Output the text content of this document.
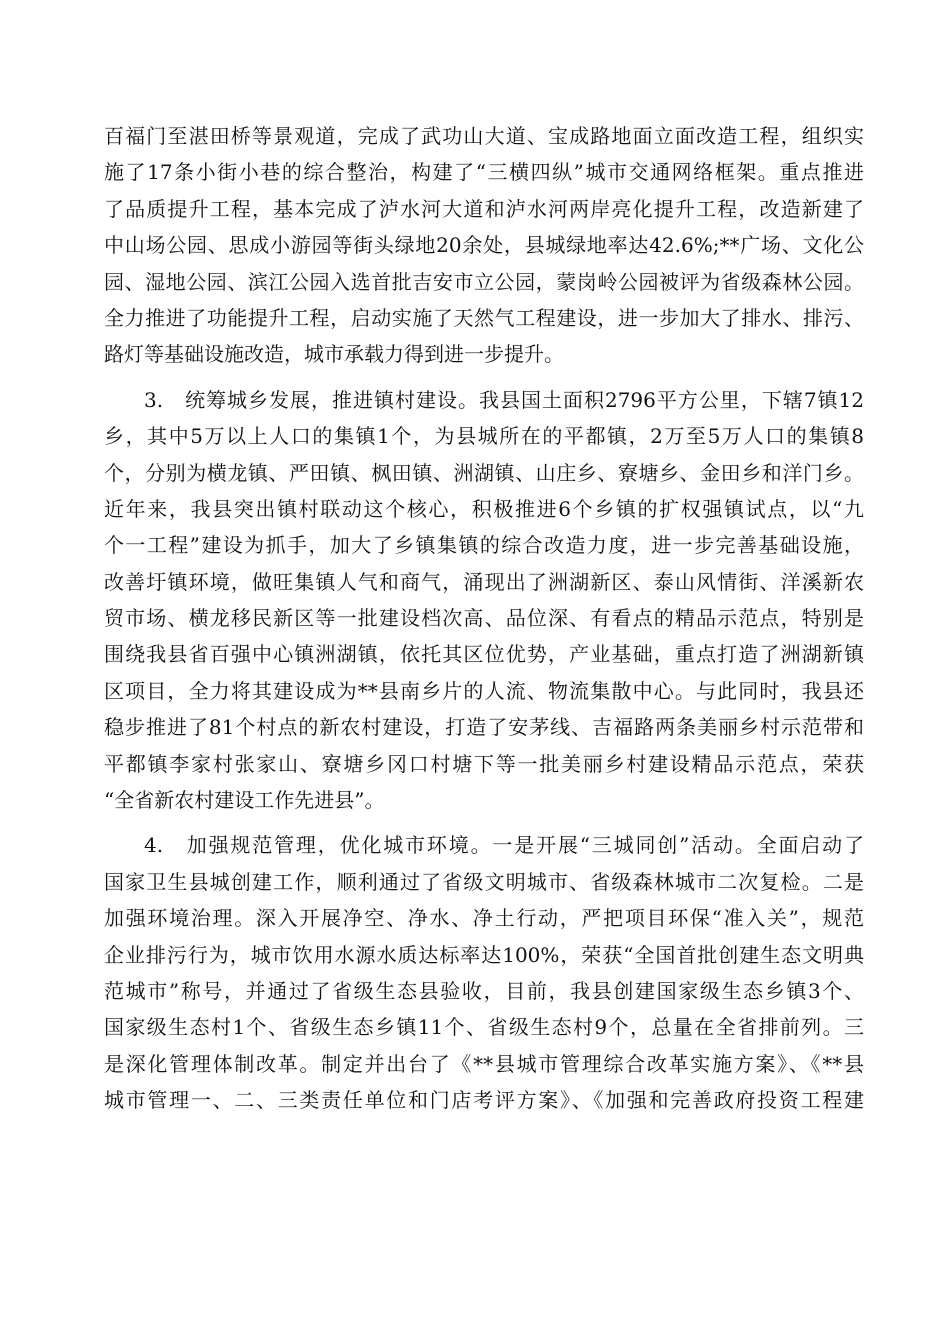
百福门至湛田桥等景观道，完成了武功山大道、宝成路地面立面改造工程，组织实
施了17条小街小巷的综合整治，构建了“三横四纵”城市交通网络框架。重点推进
了品质提升工程，基本完成了泸水河大道和泸水河两岸亮化提升工程，改造新建了
中山场公园、思成小游园等街头绿地20余处，县城绿地率达42.6%;**广场、文化公
园、湿地公园、滨江公园入选首批吉安市立公园，蒙岗岭公园被评为省级森林公园。
全力推进了功能提升工程，启动实施了天然气工程建设，进一步加大了排水、排污、
路灯等基础设施改造，城市承载力得到进一步提升。
3.　统筹城乡发展，推进镇村建设。我县国土面积2796平方公里，下辖7镇12
乡，其中5万以上人口的集镇1个，为县城所在的平都镇，2万至5万人口的集镇8
个，分别为横龙镇、严田镇、枫田镇、洲湖镇、山庄乡、寮塘乡、金田乡和洋门乡。
近年来，我县突出镇村联动这个核心，积极推进6个乡镇的扩权强镇试点，以“九
个一工程”建设为抓手，加大了乡镇集镇的综合改造力度，进一步完善基础设施，
改善圩镇环境，做旺集镇人气和商气，涌现出了洲湖新区、泰山风情街、洋溪新农
贸市场、横龙移民新区等一批建设档次高、品位深、有看点的精品示范点，特别是
围绕我县省百强中心镇洲湖镇，依托其区位优势，产业基础，重点打造了洲湖新镇
区项目，全力将其建设成为**县南乡片的人流、物流集散中心。与此同时，我县还
稳步推进了81个村点的新农村建设，打造了安茅线、吉福路两条美丽乡村示范带和
平都镇李家村张家山、寮塘乡冈口村塘下等一批美丽乡村建设精品示范点，荣获
“全省新农村建设工作先进县”。
4.　加强规范管理，优化城市环境。一是开展“三城同创”活动。全面启动了
国家卫生县城创建工作，顺利通过了省级文明城市、省级森林城市二次复检。二是
加强环境治理。深入开展净空、净水、净土行动，严把项目环保“准入关”，规范
企业排污行为，城市饮用水源水质达标率达100%，荣获“全国首批创建生态文明典
范城市”称号，并通过了省级生态县验收，目前，我县创建国家级生态乡镇3个、
国家级生态村1个、省级生态乡镇11个、省级生态村9个，总量在全省排前列。三
是深化管理体制改革。制定并出台了《**县城市管理综合改革实施方案》、《**县
城市管理一、二、三类责任单位和门店考评方案》、《加强和完善政府投资工程建
